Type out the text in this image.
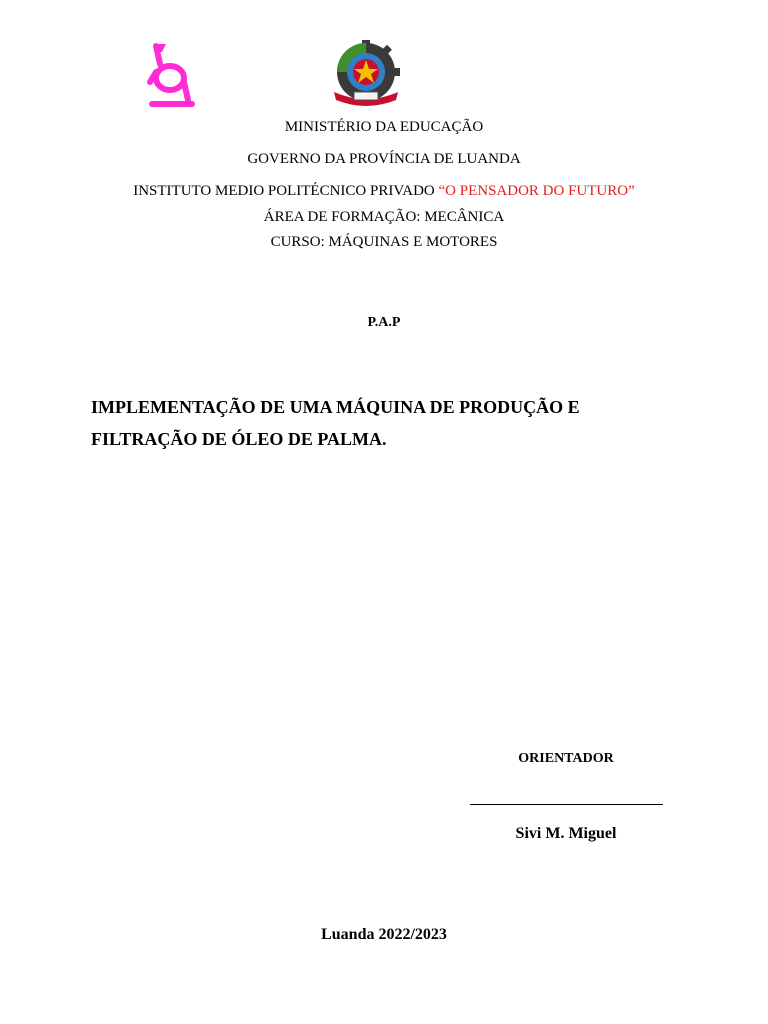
MINISTÉRIO DA EDUCAÇÃO
GOVERNO DA PROVÍNCIA DE LUANDA
INSTITUTO MEDIO POLITÉCNICO PRIVADO “O PENSADOR DO FUTURO”
ÁREA DE FORMAÇÃO: MECÂNICA
CURSO: MÁQUINAS E MOTORES
P.A.P
IMPLEMENTAÇÃO DE UMA MÁQUINA DE PRODUÇÃO E
FILTRAÇÃO DE ÓLEO DE PALMA.
ORIENTADOR
Sivi M. Miguel
Luanda 2022/2023
